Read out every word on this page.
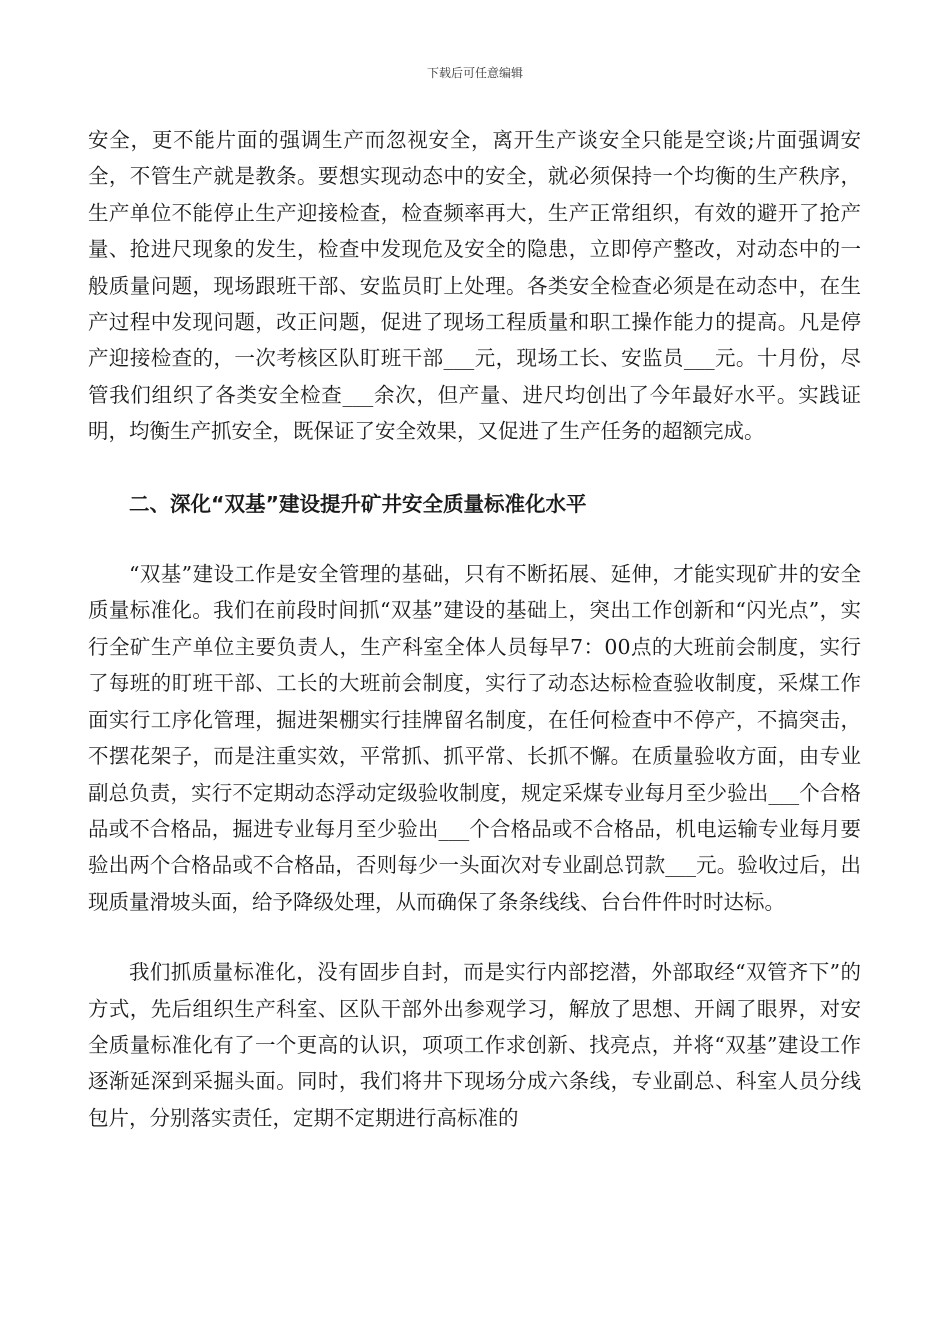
下载后可任意编辑

安全，更不能片面的强调生产而忽视安全，离开生产谈安全只能是空谈;片面强调安全，不管生产就是教条。要想实现动态中的安全，就必须保持一个均衡的生产秩序，生产单位不能停止生产迎接检查，检查频率再大，生产正常组织，有效的避开了抢产量、抢进尺现象的发生，检查中发现危及安全的隐患，立即停产整改，对动态中的一般质量问题，现场跟班干部、安监员盯上处理。各类安全检查必须是在动态中，在生产过程中发现问题，改正问题，促进了现场工程质量和职工操作能力的提高。凡是停产迎接检查的，一次考核区队盯班干部___元，现场工长、安监员___元。十月份，尽管我们组织了各类安全检查___余次，但产量、进尺均创出了今年最好水平。实践证明，均衡生产抓安全，既保证了安全效果，又促进了生产任务的超额完成。

二、深化“双基”建设提升矿井安全质量标准化水平

“双基”建设工作是安全管理的基础，只有不断拓展、延伸，才能实现矿井的安全质量标准化。我们在前段时间抓“双基”建设的基础上，突出工作创新和“闪光点”，实行全矿生产单位主要负责人，生产科室全体人员每早7：00点的大班前会制度，实行了每班的盯班干部、工长的大班前会制度，实行了动态达标检查验收制度，采煤工作面实行工序化管理，掘进架棚实行挂牌留名制度，在任何检查中不停产，不搞突击，不摆花架子，而是注重实效，平常抓、抓平常、长抓不懈。在质量验收方面，由专业副总负责，实行不定期动态浮动定级验收制度，规定采煤专业每月至少验出___个合格品或不合格品，掘进专业每月至少验出___个合格品或不合格品，机电运输专业每月要验出两个合格品或不合格品，否则每少一头面次对专业副总罚款___元。验收过后，出现质量滑坡头面，给予降级处理，从而确保了条条线线、台台件件时时达标。

我们抓质量标准化，没有固步自封，而是实行内部挖潜，外部取经“双管齐下”的方式，先后组织生产科室、区队干部外出参观学习，解放了思想、开阔了眼界，对安全质量标准化有了一个更高的认识，项项工作求创新、找亮点，并将“双基”建设工作逐渐延深到采掘头面。同时，我们将井下现场分成六条线，专业副总、科室人员分线包片，分别落实责任，定期不定期进行高标准的
